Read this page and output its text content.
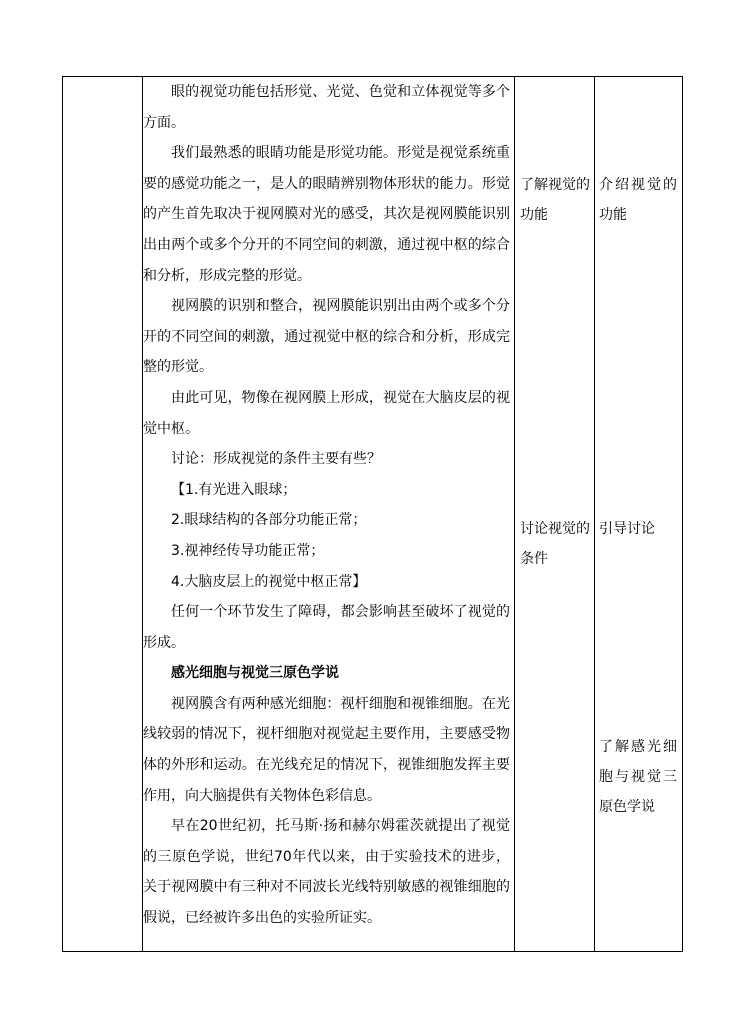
眼的视觉功能包括形觉、光觉、色觉和立体视觉等多个方面。

我们最熟悉的眼睛功能是形觉功能。形觉是视觉系统重要的感觉功能之一，是人的眼睛辨别物体形状的能力。形觉的产生首先取决于视网膜对光的感受，其次是视网膜能识别出由两个或多个分开的不同空间的刺激，通过视中枢的综合和分析，形成完整的形觉。

视网膜的识别和整合，视网膜能识别出由两个或多个分开的不同空间的刺激，通过视觉中枢的综合和分析，形成完整的形觉。

由此可见，物像在视网膜上形成，视觉在大脑皮层的视觉中枢。

讨论：形成视觉的条件主要有些？

【1.有光进入眼球；

2.眼球结构的各部分功能正常；

3.视神经传导功能正常；

4.大脑皮层上的视觉中枢正常】

任何一个环节发生了障碍，都会影响甚至破坏了视觉的形成。

感光细胞与视觉三原色学说

视网膜含有两种感光细胞：视杆细胞和视锥细胞。在光线较弱的情况下，视杆细胞对视觉起主要作用，主要感受物体的外形和运动。在光线充足的情况下，视锥细胞发挥主要作用，向大脑提供有关物体色彩信息。

早在20世纪初，托马斯·扬和赫尔姆霍茨就提出了视觉的三原色学说，世纪70年代以来，由于实验技术的进步，关于视网膜中有三种对不同波长光线特别敏感的视锥细胞的假说，已经被许多出色的实验所证实。

了解视觉的功能
讨论视觉的条件
介绍视觉的功能
引导讨论
了解感光细胞与视觉三原色学说
